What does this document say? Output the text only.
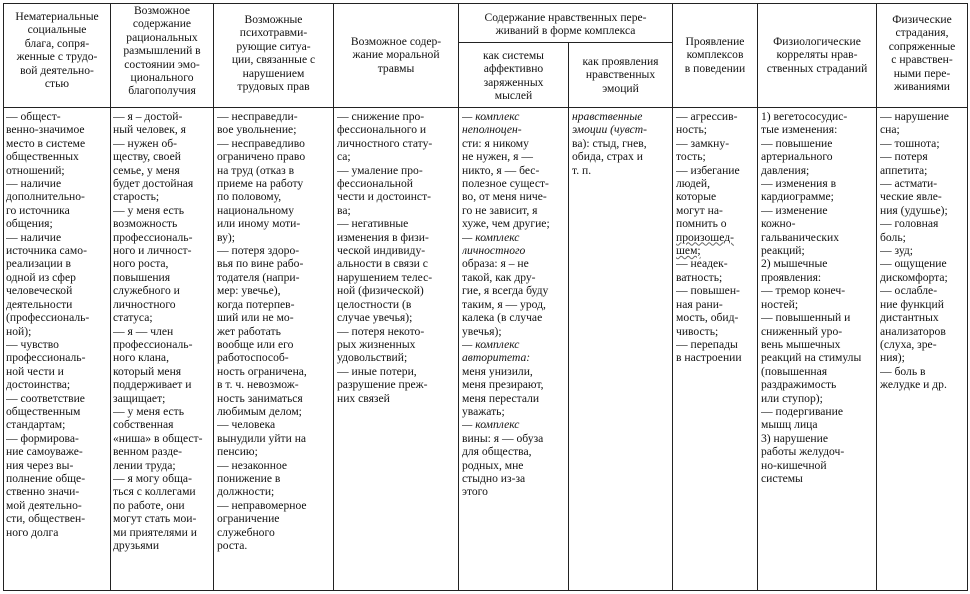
Нематериальные
социальные
блага, сопря-
женные с трудо-
вой деятельно-
стью
Возможное
содержание
рациональных
размышлений в
состоянии эмо-
ционального
благополучия
Возможные
психотравми-
рующие ситуа-
ции, связанные с
нарушением
трудовых прав
Возможное содер-
жание моральной
травмы
Содержание нравственных пере-
живаний в форме комплекса
как системы
аффективно
заряженных
мыслей
как проявления
нравственных
эмоций
Проявление
комплексов
в поведении
Физиологические
корреляты нрав-
ственных страданий
Физические
страдания,
сопряженные
с нравствен-
ными пере-
живаниями
— общест-
венно-значимое
место в системе
общественных
отношений;
— наличие
дополнительно-
го источника
общения;
— наличие
источника само-
реализации в
одной из сфер
человеческой
деятельности
(профессиональ-
ной);
— чувство
профессиональ-
ной чести и
достоинства;
— соответствие
общественным
стандартам;
— формирова-
ние самоуваже-
ния через вы-
полнение обще-
ственно значи-
мой деятельно-
сти, обществен-
ного долга
— я – достой-
ный человек, я
— нужен об-
ществу, своей
семье, у меня
будет достойная
старость;
— у меня есть
возможность
профессиональ-
ного и личност-
ного роста,
повышения
служебного и
личностного
статуса;
— я — член
профессиональ-
ного клана,
который меня
поддерживает и
защищает;
— у меня есть
собственная
«ниша» в общест-
венном разде-
лении труда;
— я могу обща-
ться с коллегами
по работе, они
могут стать мои-
ми приятелями и
друзьями
— несправедли-
вое увольнение;
— несправедливо
ограничено право
на труд (отказ в
приеме на работу
по половому,
национальному
или иному моти-
ву);
— потеря здоро-
вья по вине рабо-
тодателя (напри-
мер: увечье),
когда потерпев-
ший или не мо-
жет работать
вообще или его
работоспособ-
ность ограничена,
в т. ч. невозмож-
ность заниматься
любимым делом;
— человека
вынудили уйти на
пенсию;
— незаконное
понижение в
должности;
— неправомерное
ограничение
служебного
роста.
— снижение про-
фессионального и
личностного стату-
са;
— умаление про-
фессиональной
чести и достоинст-
ва;
— негативные
изменения в физи-
ческой индивиду-
альности в связи с
нарушением телес-
ной (физической)
целостности (в
случае увечья);
— потеря некото-
рых жизненных
удовольствий;
— иные потери,
разрушение преж-
них связей
— комплекс
неполноцен-
сти: я никому
не нужен, я —
никто, я — бес-
полезное сущест-
во, от меня ниче-
го не зависит, я
хуже, чем другие;
— комплекс
личностного
образа: я – не
такой, как дру-
гие, я всегда буду
таким, я — урод,
калека (в случае
увечья);
— комплекс
авторитета:
меня унизили,
меня презирают,
меня перестали
уважать;
— комплекс
вины: я — обуза
для общества,
родных, мне
стыдно из-за
этого
нравственные
эмоции (чувст-
ва): стыд, гнев,
обида, страх и
т. п.
— агрессив-
ность;
— замкну-
тость;
— избегание
людей,
которые
могут на-
помнить о
произошед-
шем;
— неадек-
ватность;
— повышен-
ная рани-
мость, обид-
чивость;
— перепады
в настроении
1) вегетососудис-
тые изменения:
— повышение
артериального
давления;
— изменения в
кардиограмме;
— изменение
кожно-
гальванических
реакций;
2) мышечные
проявления:
— тремор конеч-
ностей;
— повышенный и
сниженный уро-
вень мышечных
реакций на стимулы
(повышенная
раздражимость
или ступор);
— подергивание
мышц лица
3) нарушение
работы желудоч-
но-кишечной
системы
— нарушение
сна;
— тошнота;
— потеря
аппетита;
— астмати-
ческие явле-
ния (удушье);
— головная
боль;
— зуд;
— ощущение
дискомфорта;
— ослабле-
ние функций
дистантных
анализаторов
(слуха, зре-
ния);
— боль в
желудке и др.
